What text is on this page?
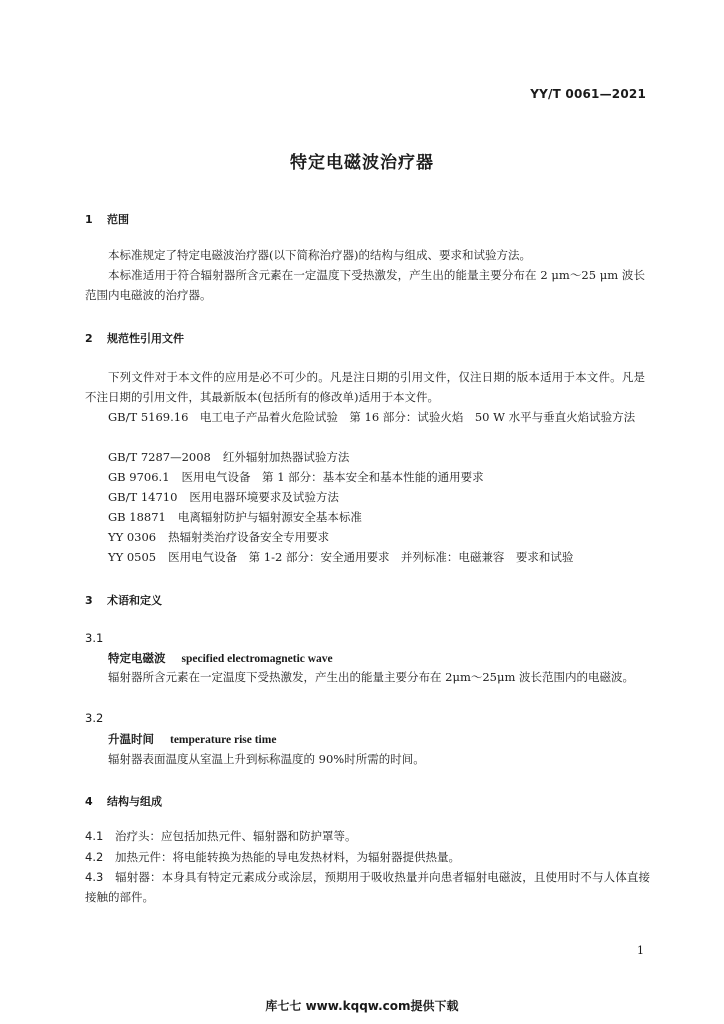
YY/T 0061—2021
特定电磁波治疗器
1 范围
本标准规定了特定电磁波治疗器(以下简称治疗器)的结构与组成、要求和试验方法。
本标准适用于符合辐射器所含元素在一定温度下受热激发，产生出的能量主要分布在 2 μm～25 μm 波长范围内电磁波的治疗器。
2 规范性引用文件
下列文件对于本文件的应用是必不可少的。凡是注日期的引用文件，仅注日期的版本适用于本文件。凡是不注日期的引用文件，其最新版本(包括所有的修改单)适用于本文件。
GB/T 5169.16　 电工电子产品着火危险试验　第 16 部分：试验火焰　50 W 水平与垂直火焰试验方法
GB/T 7287—2008 红外辐射加热器试验方法
GB 9706.1 医用电气设备　第 1 部分：基本安全和基本性能的通用要求
GB/T 14710 医用电器环境要求及试验方法
GB 18871 电离辐射防护与辐射源安全基本标准
YY 0306 热辐射类治疗设备安全专用要求
YY 0505 医用电气设备　第 1-2 部分：安全通用要求　并列标准：电磁兼容　要求和试验
3 术语和定义
3.1
特定电磁波 specified electromagnetic wave
辐射器所含元素在一定温度下受热激发，产生出的能量主要分布在 2μm～25μm 波长范围内的电磁波。
3.2
升温时间 temperature rise time
辐射器表面温度从室温上升到标称温度的 90%时所需的时间。
4 结构与组成
4.1 治疗头：应包括加热元件、辐射器和防护罩等。
4.2 加热元件：将电能转换为热能的导电发热材料，为辐射器提供热量。
4.3 辐射器：本身具有特定元素成分或涂层，预期用于吸收热量并向患者辐射电磁波，且使用时不与人体直接接触的部件。
1
库七七 www.kqqw.com提供下载
